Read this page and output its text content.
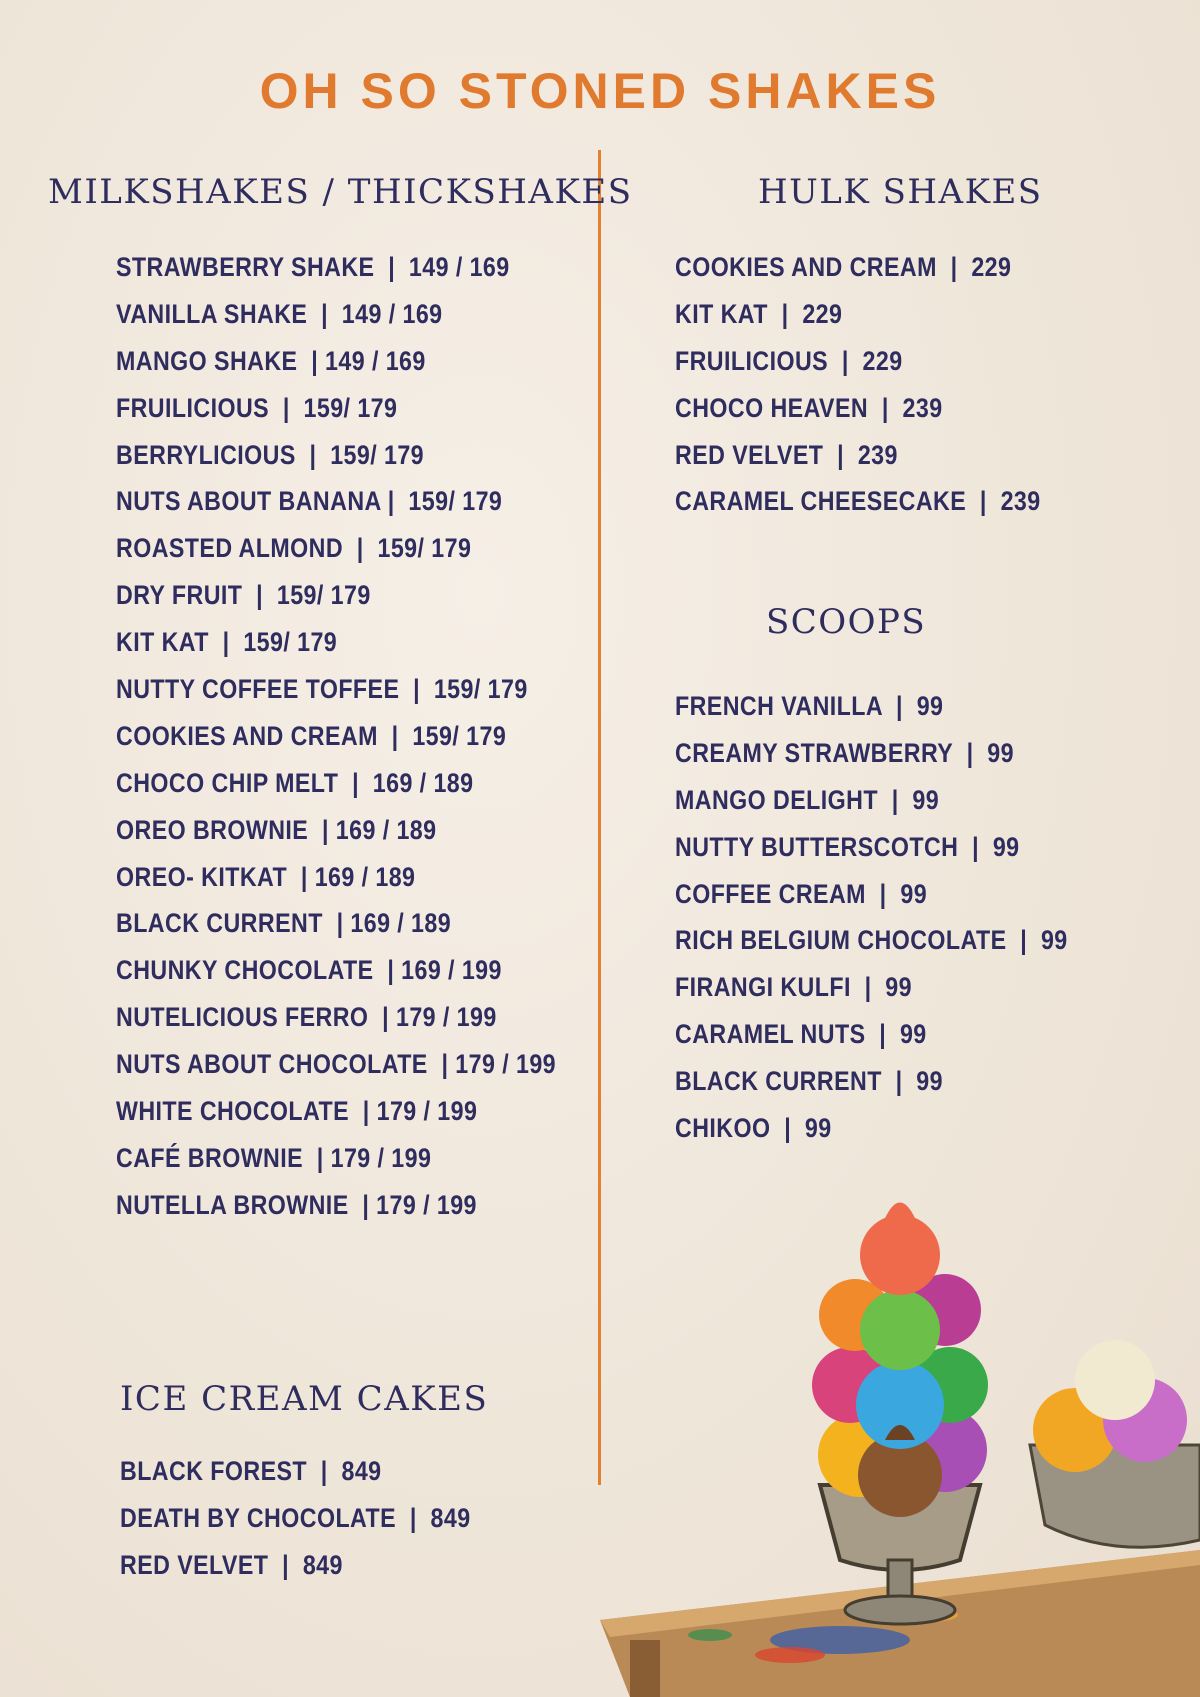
OH SO STONED SHAKES
MILKSHAKES / THICKSHAKES
STRAWBERRY SHAKE  |  149 / 169
VANILLA SHAKE  |  149 / 169
MANGO SHAKE  | 149 / 169
FRUILICIOUS  |  159/ 179
BERRYLICIOUS  |  159/ 179
NUTS ABOUT BANANA |  159/ 179
ROASTED ALMOND  |  159/ 179
DRY FRUIT  |  159/ 179
KIT KAT  |  159/ 179
NUTTY COFFEE TOFFEE  |  159/ 179
COOKIES AND CREAM  |  159/ 179
CHOCO CHIP MELT  |  169 / 189
OREO BROWNIE  | 169 / 189
OREO- KITKAT  | 169 / 189
BLACK CURRENT  | 169 / 189
CHUNKY CHOCOLATE  | 169 / 199
NUTELICIOUS FERRO  | 179 / 199
NUTS ABOUT CHOCOLATE  | 179 / 199
WHITE CHOCOLATE  | 179 / 199
CAFÉ BROWNIE  | 179 / 199
NUTELLA BROWNIE  | 179 / 199
HULK SHAKES
COOKIES AND CREAM  |  229
KIT KAT  |  229
FRUILICIOUS  |  229
CHOCO HEAVEN  |  239
RED VELVET  |  239
CARAMEL CHEESECAKE  |  239
SCOOPS
FRENCH VANILLA  |  99
CREAMY STRAWBERRY  |  99
MANGO DELIGHT  |  99
NUTTY BUTTERSCOTCH  |  99
COFFEE CREAM  |  99
RICH BELGIUM CHOCOLATE  |  99
FIRANGI KULFI  |  99
CARAMEL NUTS  |  99
BLACK CURRENT  |  99
CHIKOO  |  99
ICE CREAM CAKES
BLACK FOREST  |  849
DEATH BY CHOCOLATE  |  849
RED VELVET  |  849
